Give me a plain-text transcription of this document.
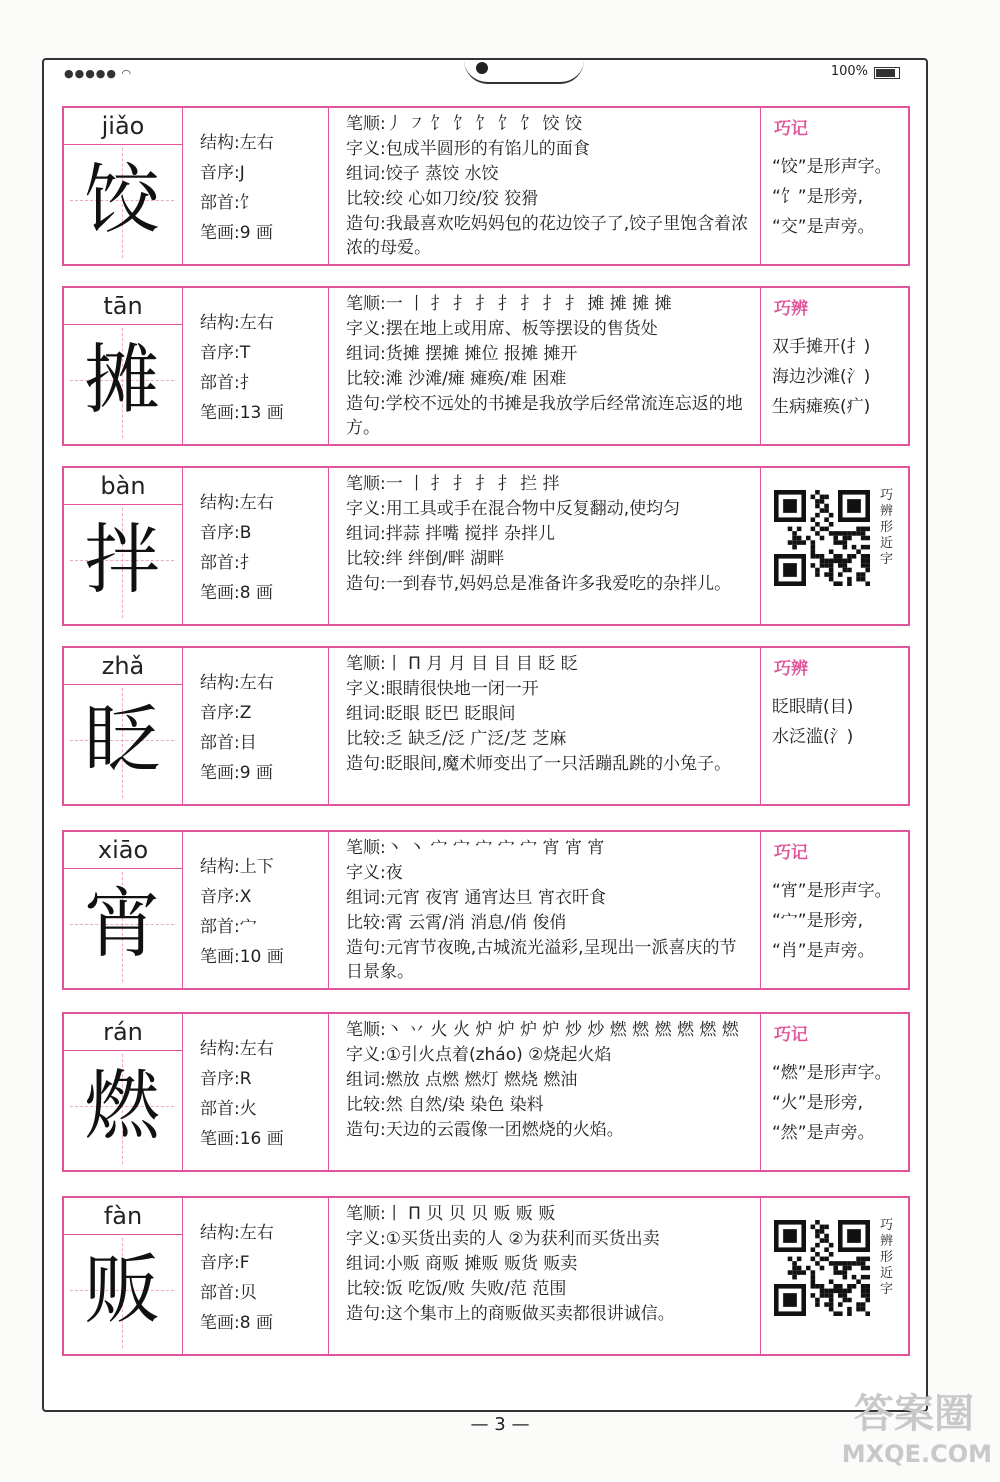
●●●●● ◠	100%
jiǎo
饺
结构:左右
音序:J
部首:饣
笔画:9 画
笔顺:丿 ㇇ 饣 饣 饣 饣 饣 饺 饺
字义:包成半圆形的有馅儿的面食
组词:饺子 蒸饺 水饺
比较:绞 心如刀绞/狡 狡猾
造句:我最喜欢吃妈妈包的花边饺子了,饺子里饱含着浓浓的母爱。
巧记
“饺”是形声字。
“饣”是形旁,
“交”是声旁。
tān
摊
结构:左右
音序:T
部首:扌
笔画:13 画
笔顺:一 丨 扌 扌 扌 扌 扌 扌 扌 摊 摊 摊 摊
字义:摆在地上或用席、板等摆设的售货处
组词:货摊 摆摊 摊位 报摊 摊开
比较:滩 沙滩/瘫 瘫痪/难 困难
造句:学校不远处的书摊是我放学后经常流连忘返的地方。
巧辨
双手摊开(扌)
海边沙滩(氵)
生病瘫痪(疒)
bàn
拌
结构:左右
音序:B
部首:扌
笔画:8 画
笔顺:一 丨 扌 扌 扌 扌 拦 拌
字义:用工具或手在混合物中反复翻动,使均匀
组词:拌蒜 拌嘴 搅拌 杂拌儿
比较:绊 绊倒/畔 湖畔
造句:一到春节,妈妈总是准备许多我爱吃的杂拌儿。
巧辨形近字
zhǎ
眨
结构:左右
音序:Z
部首:目
笔画:9 画
笔顺:丨 П 月 月 目 目 目 眨 眨
字义:眼睛很快地一闭一开
组词:眨眼 眨巴 眨眼间
比较:乏 缺乏/泛 广泛/芝 芝麻
造句:眨眼间,魔术师变出了一只活蹦乱跳的小兔子。
巧辨
眨眼睛(目)
水泛滥(氵)
xiāo
宵
结构:上下
音序:X
部首:宀
笔画:10 画
笔顺:丶 丶 宀 宀 宀 宀 宀 宵 宵 宵
字义:夜
组词:元宵 夜宵 通宵达旦 宵衣旰食
比较:霄 云霄/消 消息/俏 俊俏
造句:元宵节夜晚,古城流光溢彩,呈现出一派喜庆的节日景象。
巧记
“宵”是形声字。
“宀”是形旁,
“肖”是声旁。
rán
燃
结构:左右
音序:R
部首:火
笔画:16 画
笔顺:丶 丷 火 火 炉 炉 炉 炉 炒 炒 燃 燃 燃 燃 燃 燃
字义:①引火点着(zháo) ②烧起火焰
组词:燃放 点燃 燃灯 燃烧 燃油
比较:然 自然/染 染色 染料
造句:天边的云霞像一团燃烧的火焰。
巧记
“燃”是形声字。
“火”是形旁,
“然”是声旁。
fàn
贩
结构:左右
音序:F
部首:贝
笔画:8 画
笔顺:丨 П 贝 贝 贝 贩 贩 贩
字义:①买货出卖的人 ②为获利而买货出卖
组词:小贩 商贩 摊贩 贩货 贩卖
比较:饭 吃饭/败 失败/范 范围
造句:这个集市上的商贩做买卖都很讲诚信。
巧辨形近字
— 3 —	答案圈
MXQE.COM
